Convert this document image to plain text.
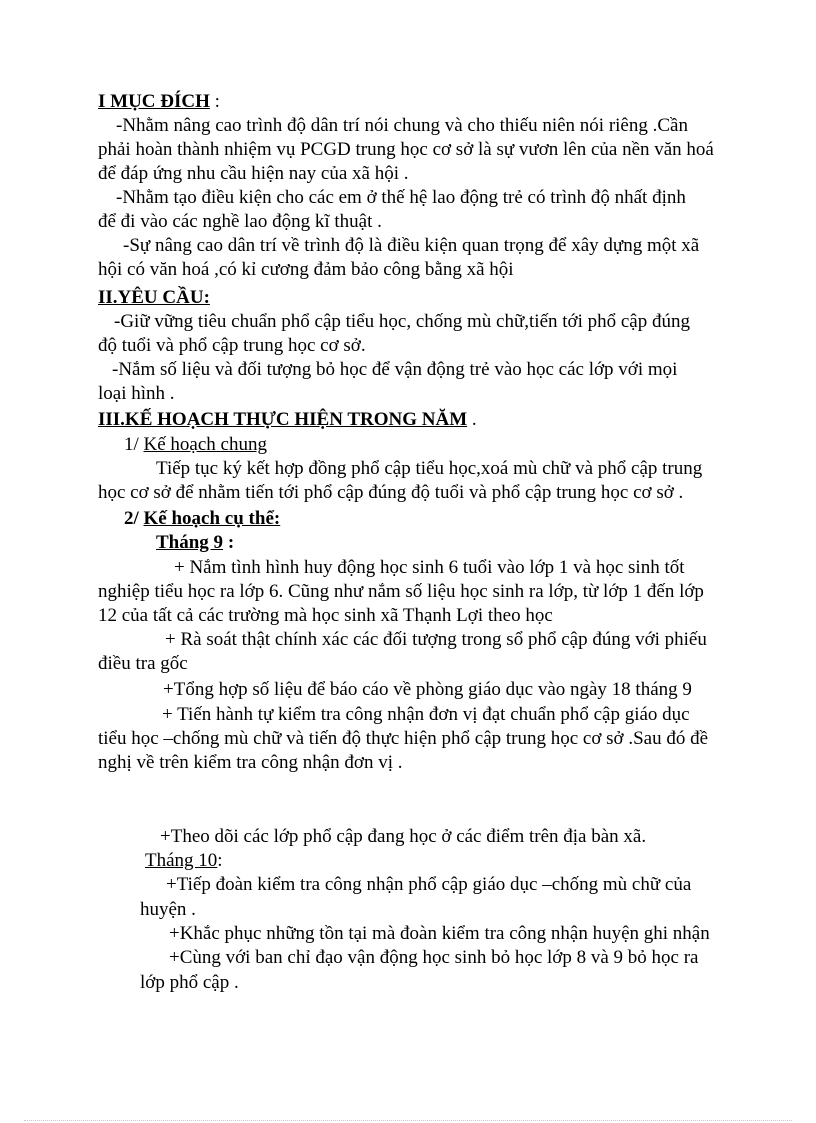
I MỤC ĐÍCH :
-Nhằm nâng cao trình độ dân trí nói chung và cho thiếu niên nói riêng .Cần
phải hoàn thành nhiệm vụ PCGD trung học cơ sở là sự vươn lên của nền văn hoá
để đáp ứng nhu cầu hiện nay của xã hội .
-Nhằm tạo điều kiện cho các em ở thế hệ lao động trẻ có trình độ nhất định
để đi vào các nghề lao động kĩ thuật .
-Sự nâng cao dân trí về trình độ là điều kiện quan trọng để xây dựng một xã
hội có văn hoá ,có kỉ cương đảm bảo công bằng xã hội
II.YÊU CẦU:
-Giữ vững tiêu chuẩn phổ cập tiểu học, chống mù chữ,tiến tới phổ cập đúng
độ tuổi và phổ cập trung học cơ sở.
-Nắm số liệu và đối tượng bỏ học để vận động trẻ vào học các lớp với mọi
loại hình .
III.KẾ HOẠCH THỰC HIỆN TRONG NĂM .
1/ Kế hoạch chung
Tiếp tục ký kết hợp đồng phổ cập tiểu học,xoá mù chữ và phổ cập trung
học cơ sở để nhằm tiến tới phổ cập đúng độ tuổi và phổ cập trung học cơ sở .
2/ Kế hoạch cụ thể:
Tháng 9 :
+ Nắm tình hình huy động học sinh 6 tuổi vào lớp 1 và học sinh tốt
nghiệp tiểu học ra lớp 6. Cũng như nắm số liệu học sinh ra lớp, từ lớp 1 đến lớp
12 của tất cả các trường mà học sinh xã Thạnh Lợi theo học
+ Rà soát thật chính xác các đối tượng trong sổ phổ cập đúng với phiếu
điều tra gốc
+Tổng hợp số liệu để báo cáo về phòng giáo dục vào ngày 18 tháng 9
+ Tiến hành tự kiểm tra công nhận đơn vị đạt chuẩn phổ cập giáo dục
tiểu học –chống mù chữ và tiến độ thực hiện phổ cập trung học cơ sở .Sau đó đề
nghị về trên kiểm tra công nhận đơn vị .
+Theo dõi các lớp phổ cập đang học ở các điểm trên địa bàn xã.
Tháng 10:
+Tiếp đoàn kiểm tra công nhận phổ cập giáo dục –chống mù chữ của
huyện .
+Khắc phục những tồn tại mà đoàn kiểm tra công nhận huyện ghi nhận
+Cùng với ban chỉ đạo vận động học sinh bỏ học lớp 8 và 9 bỏ học ra
lớp phổ cập .
